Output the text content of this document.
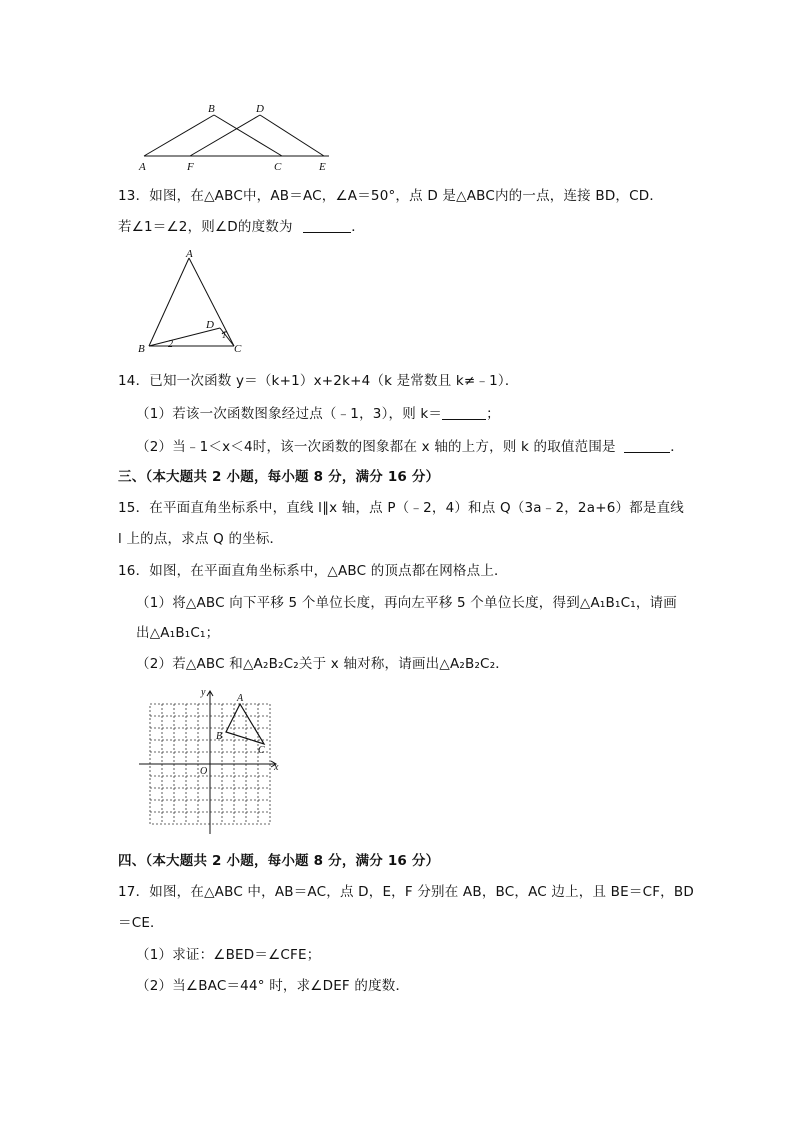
A
B	D
F	C	E
13．如图，在△ABC中，AB＝AC，∠A＝50°，点 D 是△ABC内的一点，连接 BD，CD．
若∠1＝∠2，则∠D的度数为	．
A
B	C
D
1
2
14．已知一次函数 y＝（k+1）x+2k+4（k 是常数且 k≠﹣1）．
（1）若该一次函数图象经过点（﹣1，3），则 k＝	；
（2）当﹣1＜x＜4时，该一次函数的图象都在 x 轴的上方，则 k 的取值范围是	．
三、（本大题共 2 小题，每小题 8 分，满分 16 分）
15．在平面直角坐标系中，直线 l∥x 轴，点 P（﹣2，4）和点 Q（3a﹣2，2a+6）都是直线
l 上的点，求点 Q 的坐标．
16．如图，在平面直角坐标系中，△ABC 的顶点都在网格点上．
（1）将△ABC 向下平移 5 个单位长度，再向左平移 5 个单位长度，得到△A₁B₁C₁，请画
出△A₁B₁C₁；
（2）若△ABC 和△A₂B₂C₂关于 x 轴对称，请画出△A₂B₂C₂．
y
A
B
C
O	x
四、（本大题共 2 小题，每小题 8 分，满分 16 分）
17．如图，在△ABC 中，AB＝AC，点 D，E，F 分别在 AB，BC，AC 边上，且 BE＝CF，BD
＝CE．
（1）求证：∠BED＝∠CFE；
（2）当∠BAC＝44° 时，求∠DEF 的度数．
